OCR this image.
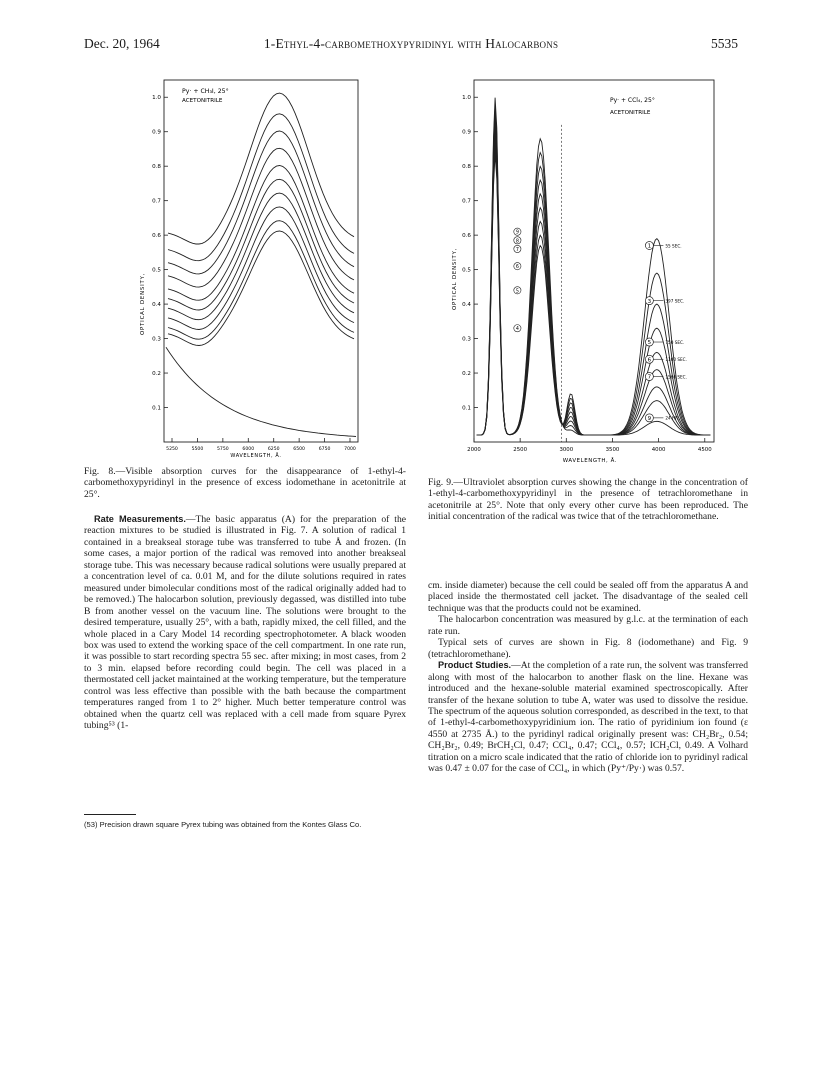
Dec. 20, 1964	1-Ethyl-4-carbomethoxypyridinyl with Halocarbons	5535
0.1
0.2
0.3
0.4
0.5
0.6
0.7
0.8
0.9
1.0
5250	5500	5750	6000	6250	6500	6750	7000
Py· + CH₃I, 25°
ACETONITRILE
OPTICAL DENSITY,
WAVELENGTH, Å.
Fig. 8.—Visible absorption curves for the disappearance of 1-ethyl-4-carbomethoxypyridinyl in the presence of excess iodomethane in acetonitrile at 25°.
0.1
0.2
0.3
0.4
0.5
0.6
0.7
0.8
0.9
1.0
2000	2500	3000	3500	4000	4500
1	55 SEC.
3	397 SEC.
5	750 SEC.
6	1100 SEC.
7	1566 SEC.
9	24 HR.
9
8
7
6
5
4
Py· + CCl₄, 25°
ACETONITRILE
OPTICAL DENSITY,
WAVELENGTH, Å.
Fig. 9.—Ultraviolet absorption curves showing the change in the concentration of 1-ethyl-4-carbomethoxypyridinyl in the presence of tetrachloromethane in acetonitrile at 25°. Note that only every other curve has been reproduced. The initial concentration of the radical was twice that of the tetrachloromethane.

Rate Measurements.—The basic apparatus (A) for the preparation of the reaction mixtures to be studied is illustrated in Fig. 7. A solution of radical 1 contained in a breakseal storage tube was transferred to tube Å and frozen. (In some cases, a major portion of the radical was removed into another breakseal storage tube. This was necessary because radical solutions were usually prepared at a concentration level of ca. 0.01 M, and for the dilute solutions required in rates measured under bimolecular conditions most of the radical originally added had to be removed.) The halocarbon solution, previously degassed, was distilled into tube B from another vessel on the vacuum line. The solutions were brought to the desired temperature, usually 25°, with a bath, rapidly mixed, the cell filled, and the whole placed in a Cary Model 14 recording spectrophotometer. A black wooden box was used to extend the working space of the cell compartment. In one rate run, it was possible to start recording spectra 55 sec. after mixing; in most cases, from 2 to 3 min. elapsed before recording could begin. The cell was placed in a thermostated cell jacket maintained at the working temperature, but the temperature control was less effective than possible with the bath because the compartment temperatures ranged from 1 to 2° higher. Much better temperature control was obtained when the quartz cell was replaced with a cell made from square Pyrex tubing⁵³ (1-

(53) Precision drawn square Pyrex tubing was obtained from the Kontes Glass Co.

cm. inside diameter) because the cell could be sealed off from the apparatus A and placed inside the thermostated cell jacket. The disadvantage of the sealed cell technique was that the products could not be examined.

The halocarbon concentration was measured by g.l.c. at the termination of each rate run.

Typical sets of curves are shown in Fig. 8 (iodomethane) and Fig. 9 (tetrachloromethane).

Product Studies.—At the completion of a rate run, the solvent was transferred along with most of the halocarbon to another flask on the line. Hexane was introduced and the hexane-soluble material examined spectroscopically. After transfer of the hexane solution to tube A, water was used to dissolve the residue. The spectrum of the aqueous solution corresponded, as described in the text, to that of 1-ethyl-4-carbomethoxypyridinium ion. The ratio of pyridinium ion found (ε 4550 at 2735 Å.) to the pyridinyl radical originally present was: CH₂Br₂, 0.54; CH₂Br₂, 0.49; BrCH₂Cl, 0.47; CCl₄, 0.47; CCl₄, 0.57; ICH₂Cl, 0.49. A Volhard titration on a micro scale indicated that the ratio of chloride ion to pyridinyl radical was 0.47 ± 0.07 for the case of CCl₄, in which (Py⁺/Py·) was 0.57.
